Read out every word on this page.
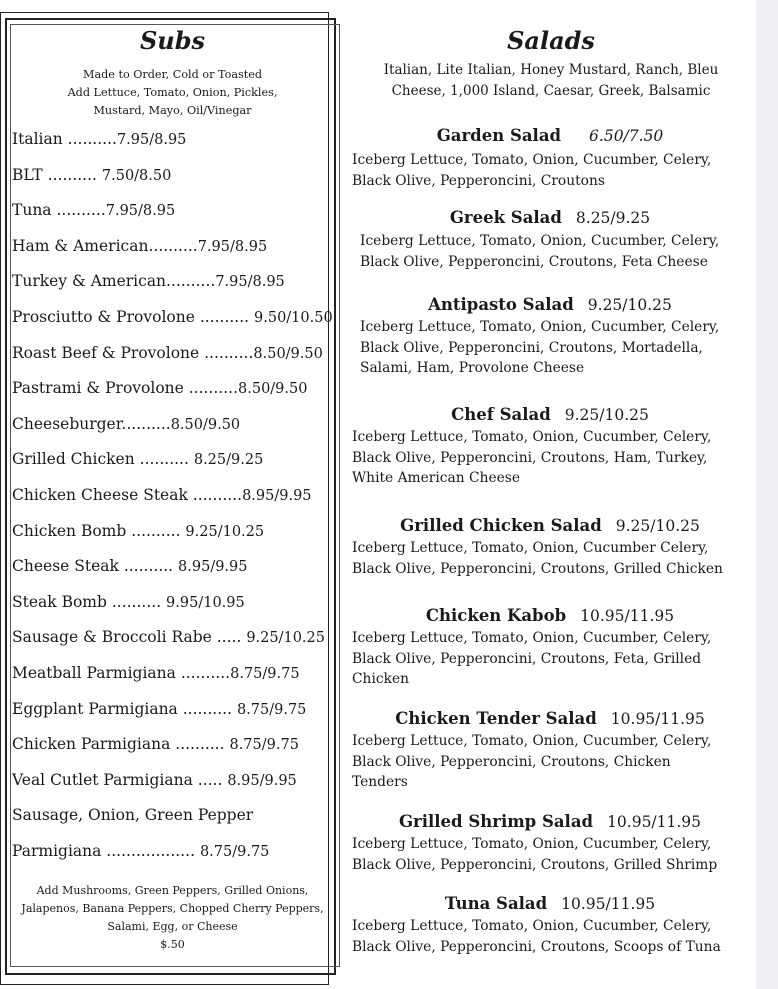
Subs
Made to Order, Cold or Toasted
Add Lettuce, Tomato, Onion, Pickles,
Mustard, Mayo, Oil/Vinegar
Italian ..........7.95/8.95
BLT .......... 7.50/8.50
Tuna ..........7.95/8.95
Ham & American..........7.95/8.95
Turkey & American..........7.95/8.95
Prosciutto & Provolone .......... 9.50/10.50
Roast Beef & Provolone ..........8.50/9.50
Pastrami & Provolone ..........8.50/9.50
Cheeseburger..........8.50/9.50
Grilled Chicken .......... 8.25/9.25
Chicken Cheese Steak ..........8.95/9.95
Chicken Bomb .......... 9.25/10.25
Cheese Steak .......... 8.95/9.95
Steak Bomb .......... 9.95/10.95
Sausage & Broccoli Rabe ..... 9.25/10.25
Meatball Parmigiana ..........8.75/9.75
Eggplant Parmigiana .......... 8.75/9.75
Chicken Parmigiana .......... 8.75/9.75
Veal Cutlet Parmigiana ..... 8.95/9.95
Sausage, Onion, Green Pepper
Parmigiana .................. 8.75/9.75
Add Mushrooms, Green Peppers, Grilled Onions,
Jalapenos, Banana Peppers, Chopped Cherry Peppers,
Salami, Egg, or Cheese
$.50
Salads
Italian, Lite Italian, Honey Mustard, Ranch, Bleu
Cheese, 1,000 Island, Caesar, Greek, Balsamic
Garden Salad 6.50/7.50
Iceberg Lettuce, Tomato, Onion, Cucumber, Celery,
Black Olive, Pepperoncini, Croutons
Greek Salad 8.25/9.25
Iceberg Lettuce, Tomato, Onion, Cucumber, Celery,
Black Olive, Pepperoncini, Croutons, Feta Cheese
Antipasto Salad 9.25/10.25
Iceberg Lettuce, Tomato, Onion, Cucumber, Celery,
Black Olive, Pepperoncini, Croutons, Mortadella,
Salami, Ham, Provolone Cheese
Chef Salad 9.25/10.25
Iceberg Lettuce, Tomato, Onion, Cucumber, Celery,
Black Olive, Pepperoncini, Croutons, Ham, Turkey,
White American Cheese
Grilled Chicken Salad 9.25/10.25
Iceberg Lettuce, Tomato, Onion, Cucumber Celery,
Black Olive, Pepperoncini, Croutons, Grilled Chicken
Chicken Kabob 10.95/11.95
Iceberg Lettuce, Tomato, Onion, Cucumber, Celery,
Black Olive, Pepperoncini, Croutons, Feta, Grilled
Chicken
Chicken Tender Salad 10.95/11.95
Iceberg Lettuce, Tomato, Onion, Cucumber, Celery,
Black Olive, Pepperoncini, Croutons, Chicken
Tenders
Grilled Shrimp Salad 10.95/11.95
Iceberg Lettuce, Tomato, Onion, Cucumber, Celery,
Black Olive, Pepperoncini, Croutons, Grilled Shrimp
Tuna Salad 10.95/11.95
Iceberg Lettuce, Tomato, Onion, Cucumber, Celery,
Black Olive, Pepperoncini, Croutons, Scoops of Tuna
